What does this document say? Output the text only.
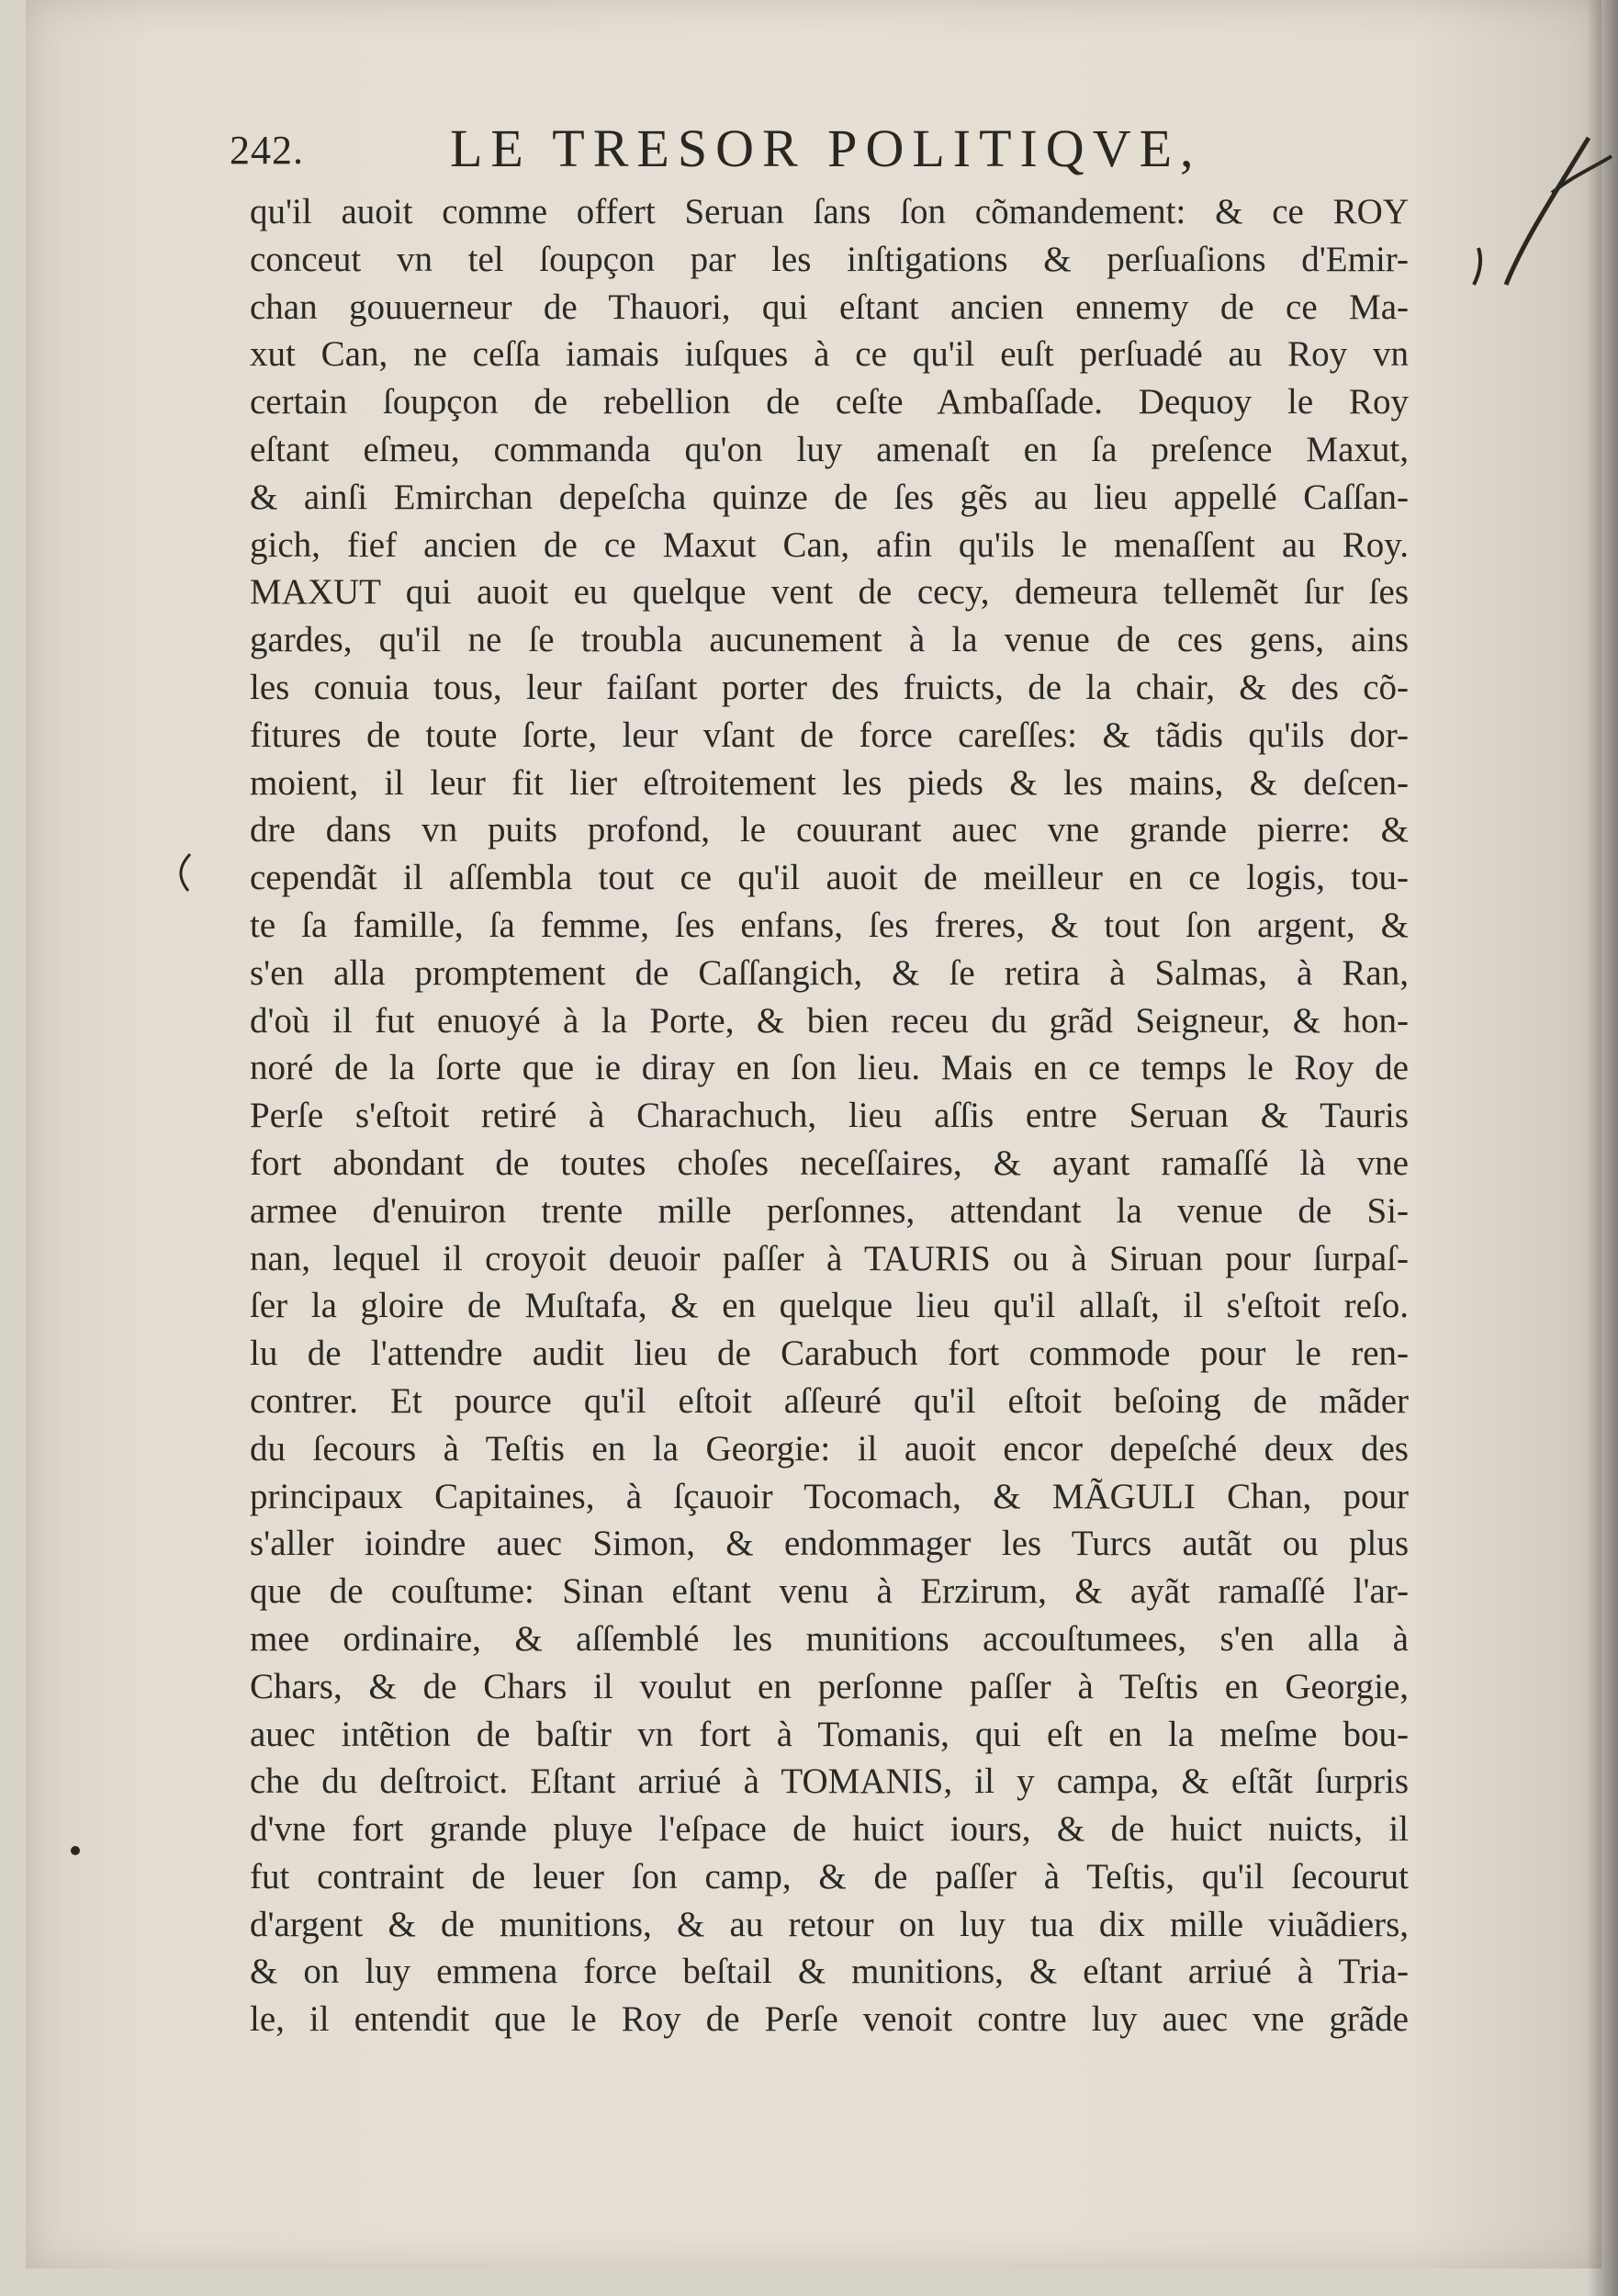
242.	LE TRESOR POLITIQVE,
qu'il auoit comme offert Seruan ſans ſon cõmandement: & ce ROY
conceut vn tel ſoupçon par les inſtigations & perſuaſions d'Emir-
chan gouuerneur de Thauori, qui eſtant ancien ennemy de ce Ma-
xut Can, ne ceſſa iamais iuſques à ce qu'il euſt perſuadé au Roy vn
certain ſoupçon de rebellion de ceſte Ambaſſade. Dequoy le Roy
eſtant eſmeu, commanda qu'on luy amenaſt en ſa preſence Maxut,
& ainſi Emirchan depeſcha quinze de ſes gẽs au lieu appellé Caſſan-
gich, fief ancien de ce Maxut Can, afin qu'ils le menaſſent au Roy.
MAXUT qui auoit eu quelque vent de cecy, demeura tellemẽt ſur ſes
gardes, qu'il ne ſe troubla aucunement à la venue de ces gens, ains
les conuia tous, leur faiſant porter des fruicts, de la chair, & des cõ-
fitures de toute ſorte, leur vſant de force careſſes: & tãdis qu'ils dor-
moient, il leur fit lier eſtroitement les pieds & les mains, & deſcen-
dre dans vn puits profond, le couurant auec vne grande pierre: &
cependãt il aſſembla tout ce qu'il auoit de meilleur en ce logis, tou-
te ſa famille, ſa femme, ſes enfans, ſes freres, & tout ſon argent, &
s'en alla promptement de Caſſangich, & ſe retira à Salmas, à Ran,
d'où il fut enuoyé à la Porte, & bien receu du grãd Seigneur, & hon-
noré de la ſorte que ie diray en ſon lieu. Mais en ce temps le Roy de
Perſe s'eſtoit retiré à Charachuch, lieu aſſis entre Seruan & Tauris
fort abondant de toutes choſes neceſſaires, & ayant ramaſſé là vne
armee d'enuiron trente mille perſonnes, attendant la venue de Si-
nan, lequel il croyoit deuoir paſſer à TAURIS ou à Siruan pour ſurpaſ-
ſer la gloire de Muſtafa, & en quelque lieu qu'il allaſt, il s'eſtoit reſo.
lu de l'attendre audit lieu de Carabuch fort commode pour le ren-
contrer. Et pource qu'il eſtoit aſſeuré qu'il eſtoit beſoing de mãder
du ſecours à Teſtis en la Georgie: il auoit encor depeſché deux des
principaux Capitaines, à ſçauoir Tocomach, & MÃGULI Chan, pour
s'aller ioindre auec Simon, & endommager les Turcs autãt ou plus
que de couſtume: Sinan eſtant venu à Erzirum, & ayãt ramaſſé l'ar-
mee ordinaire, & aſſemblé les munitions accouſtumees, s'en alla à
Chars, & de Chars il voulut en perſonne paſſer à Teſtis en Georgie,
auec intẽtion de baſtir vn fort à Tomanis, qui eſt en la meſme bou-
che du deſtroict. Eſtant arriué à TOMANIS, il y campa, & eſtãt ſurpris
d'vne fort grande pluye l'eſpace de huict iours, & de huict nuicts, il
fut contraint de leuer ſon camp, & de paſſer à Teſtis, qu'il ſecourut
d'argent & de munitions, & au retour on luy tua dix mille viuãdiers,
& on luy emmena force beſtail & munitions, & eſtant arriué à Tria-
le, il entendit que le Roy de Perſe venoit contre luy auec vne grãde
